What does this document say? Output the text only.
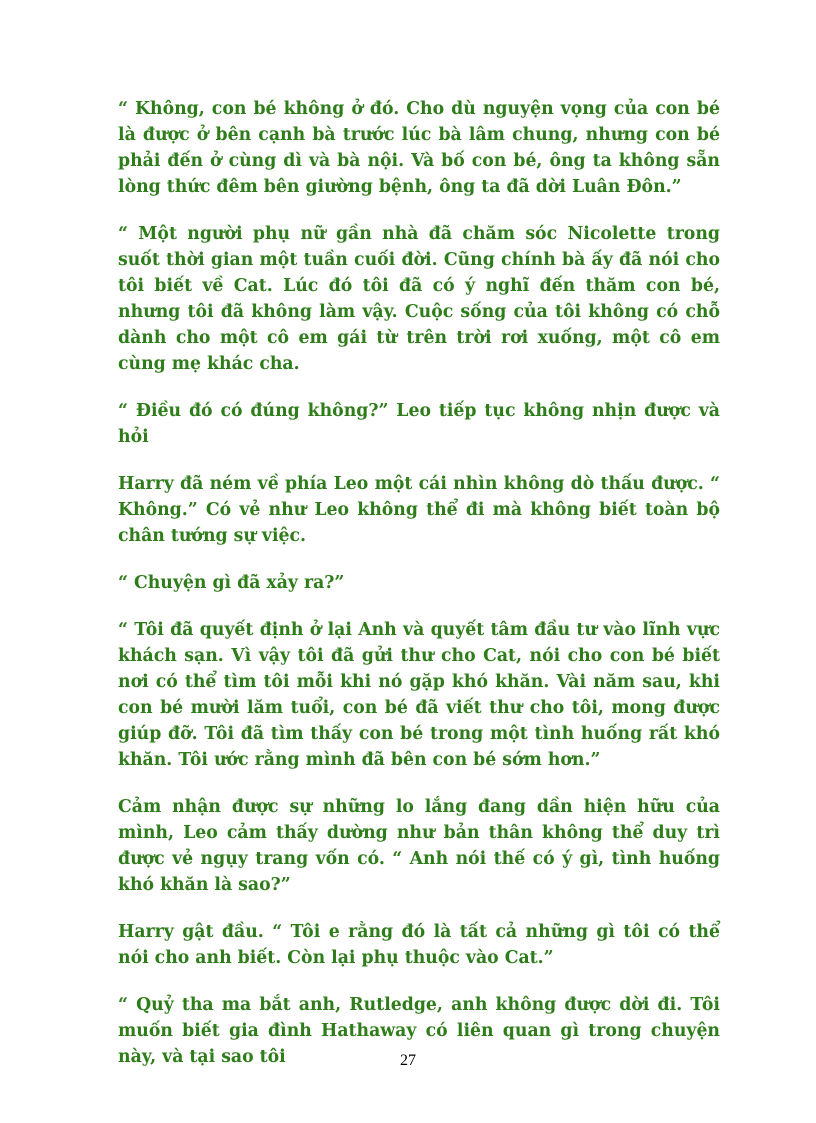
“ Không, con bé không ở đó. Cho dù nguyện vọng của con bé là được ở bên cạnh bà trước lúc bà lâm chung, nhưng con bé phải đến ở cùng dì và bà nội. Và bố con bé, ông ta không sẵn lòng thức đêm bên giường bệnh, ông ta đã dời Luân Đôn.”

“ Một người phụ nữ gần nhà đã chăm sóc Nicolette trong suốt thời gian một tuần cuối đời. Cũng chính bà ấy đã nói cho tôi biết về Cat. Lúc đó tôi đã có ý nghĩ đến thăm con bé, nhưng tôi đã không làm vậy. Cuộc sống của tôi không có chỗ dành cho một cô em gái từ trên trời rơi xuống, một cô em cùng mẹ khác cha.

“ Điều đó có đúng không?” Leo tiếp tục không nhịn được và hỏi

Harry đã ném về phía Leo một cái nhìn không dò thấu được. “ Không.” Có vẻ như Leo không thể đi mà không biết toàn bộ chân tướng sự việc.

“ Chuyện gì đã xảy ra?”

“ Tôi đã quyết định ở lại Anh và quyết tâm đầu tư vào lĩnh vực khách sạn. Vì vậy tôi đã gửi thư cho Cat, nói cho con bé biết nơi có thể tìm tôi mỗi khi nó gặp khó khăn. Vài năm sau, khi con bé mười lăm tuổi, con bé đã viết thư cho tôi, mong được giúp đỡ. Tôi đã tìm thấy con bé trong một tình huống rất khó khăn. Tôi ước rằng mình đã bên con bé sớm hơn.”

Cảm nhận được sự những lo lắng đang dần hiện hữu của mình, Leo cảm thấy dường như bản thân không thể duy trì được vẻ ngụy trang vốn có. “ Anh nói thế có ý gì, tình huống khó khăn là sao?”

Harry gật đầu. “ Tôi e rằng đó là tất cả những gì tôi có thể nói cho anh biết. Còn lại phụ thuộc vào Cat.”

“ Quỷ tha ma bắt anh, Rutledge, anh không được dời đi. Tôi muốn biết gia đình Hathaway có liên quan gì trong chuyện này, và tại sao tôi	27
